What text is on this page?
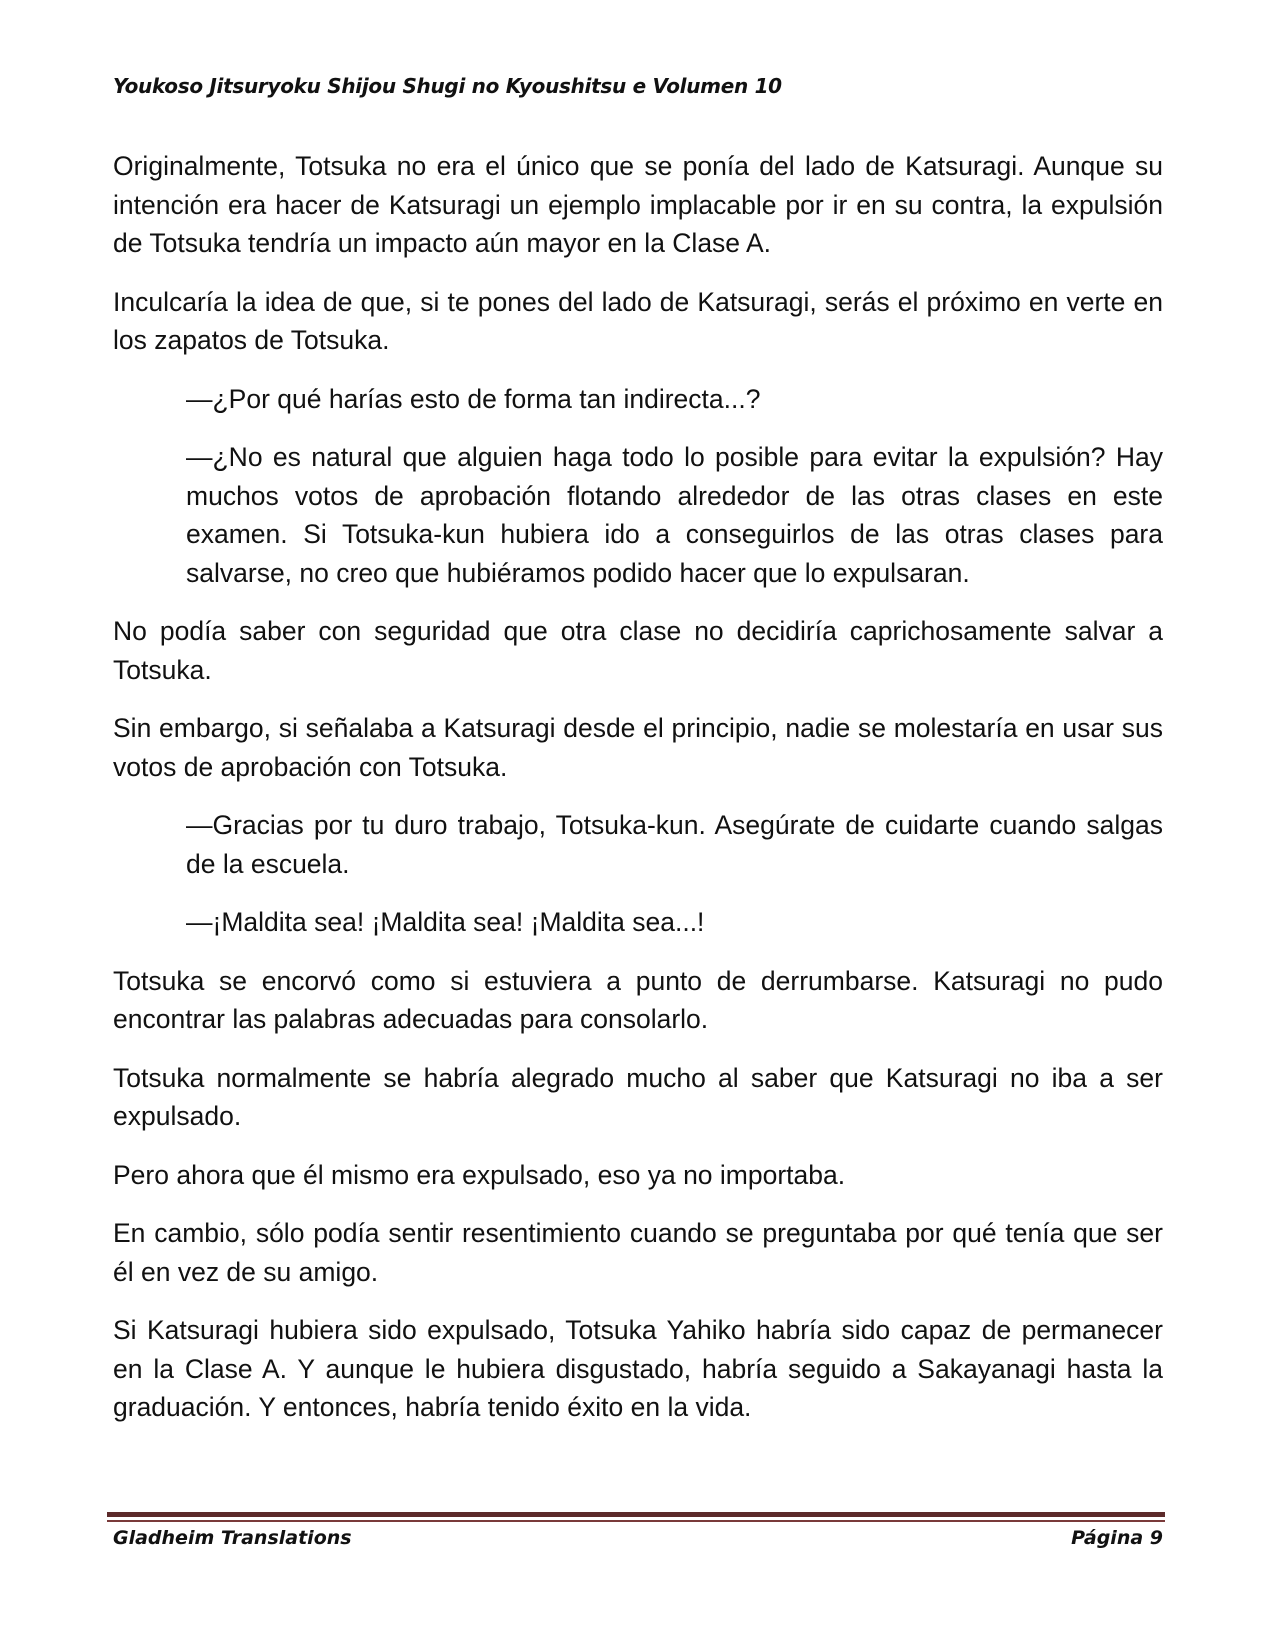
Youkoso Jitsuryoku Shijou Shugi no Kyoushitsu e Volumen 10

Originalmente, Totsuka no era el único que se ponía del lado de Katsuragi. Aunque su intención era hacer de Katsuragi un ejemplo implacable por ir en su contra, la expulsión de Totsuka tendría un impacto aún mayor en la Clase A.

Inculcaría la idea de que, si te pones del lado de Katsuragi, serás el próximo en verte en los zapatos de Totsuka.

—¿Por qué harías esto de forma tan indirecta...?

—¿No es natural que alguien haga todo lo posible para evitar la expulsión? Hay muchos votos de aprobación flotando alrededor de las otras clases en este examen. Si Totsuka-kun hubiera ido a conseguirlos de las otras clases para salvarse, no creo que hubiéramos podido hacer que lo expulsaran.

No podía saber con seguridad que otra clase no decidiría caprichosamente salvar a Totsuka.

Sin embargo, si señalaba a Katsuragi desde el principio, nadie se molestaría en usar sus votos de aprobación con Totsuka.

—Gracias por tu duro trabajo, Totsuka-kun. Asegúrate de cuidarte cuando salgas de la escuela.

—¡Maldita sea! ¡Maldita sea! ¡Maldita sea...!

Totsuka se encorvó como si estuviera a punto de derrumbarse. Katsuragi no pudo encontrar las palabras adecuadas para consolarlo.

Totsuka normalmente se habría alegrado mucho al saber que Katsuragi no iba a ser expulsado.

Pero ahora que él mismo era expulsado, eso ya no importaba.

En cambio, sólo podía sentir resentimiento cuando se preguntaba por qué tenía que ser él en vez de su amigo.

Si Katsuragi hubiera sido expulsado, Totsuka Yahiko habría sido capaz de permanecer en la Clase A. Y aunque le hubiera disgustado, habría seguido a Sakayanagi hasta la graduación. Y entonces, habría tenido éxito en la vida.

Gladheim Translations	Página 9
